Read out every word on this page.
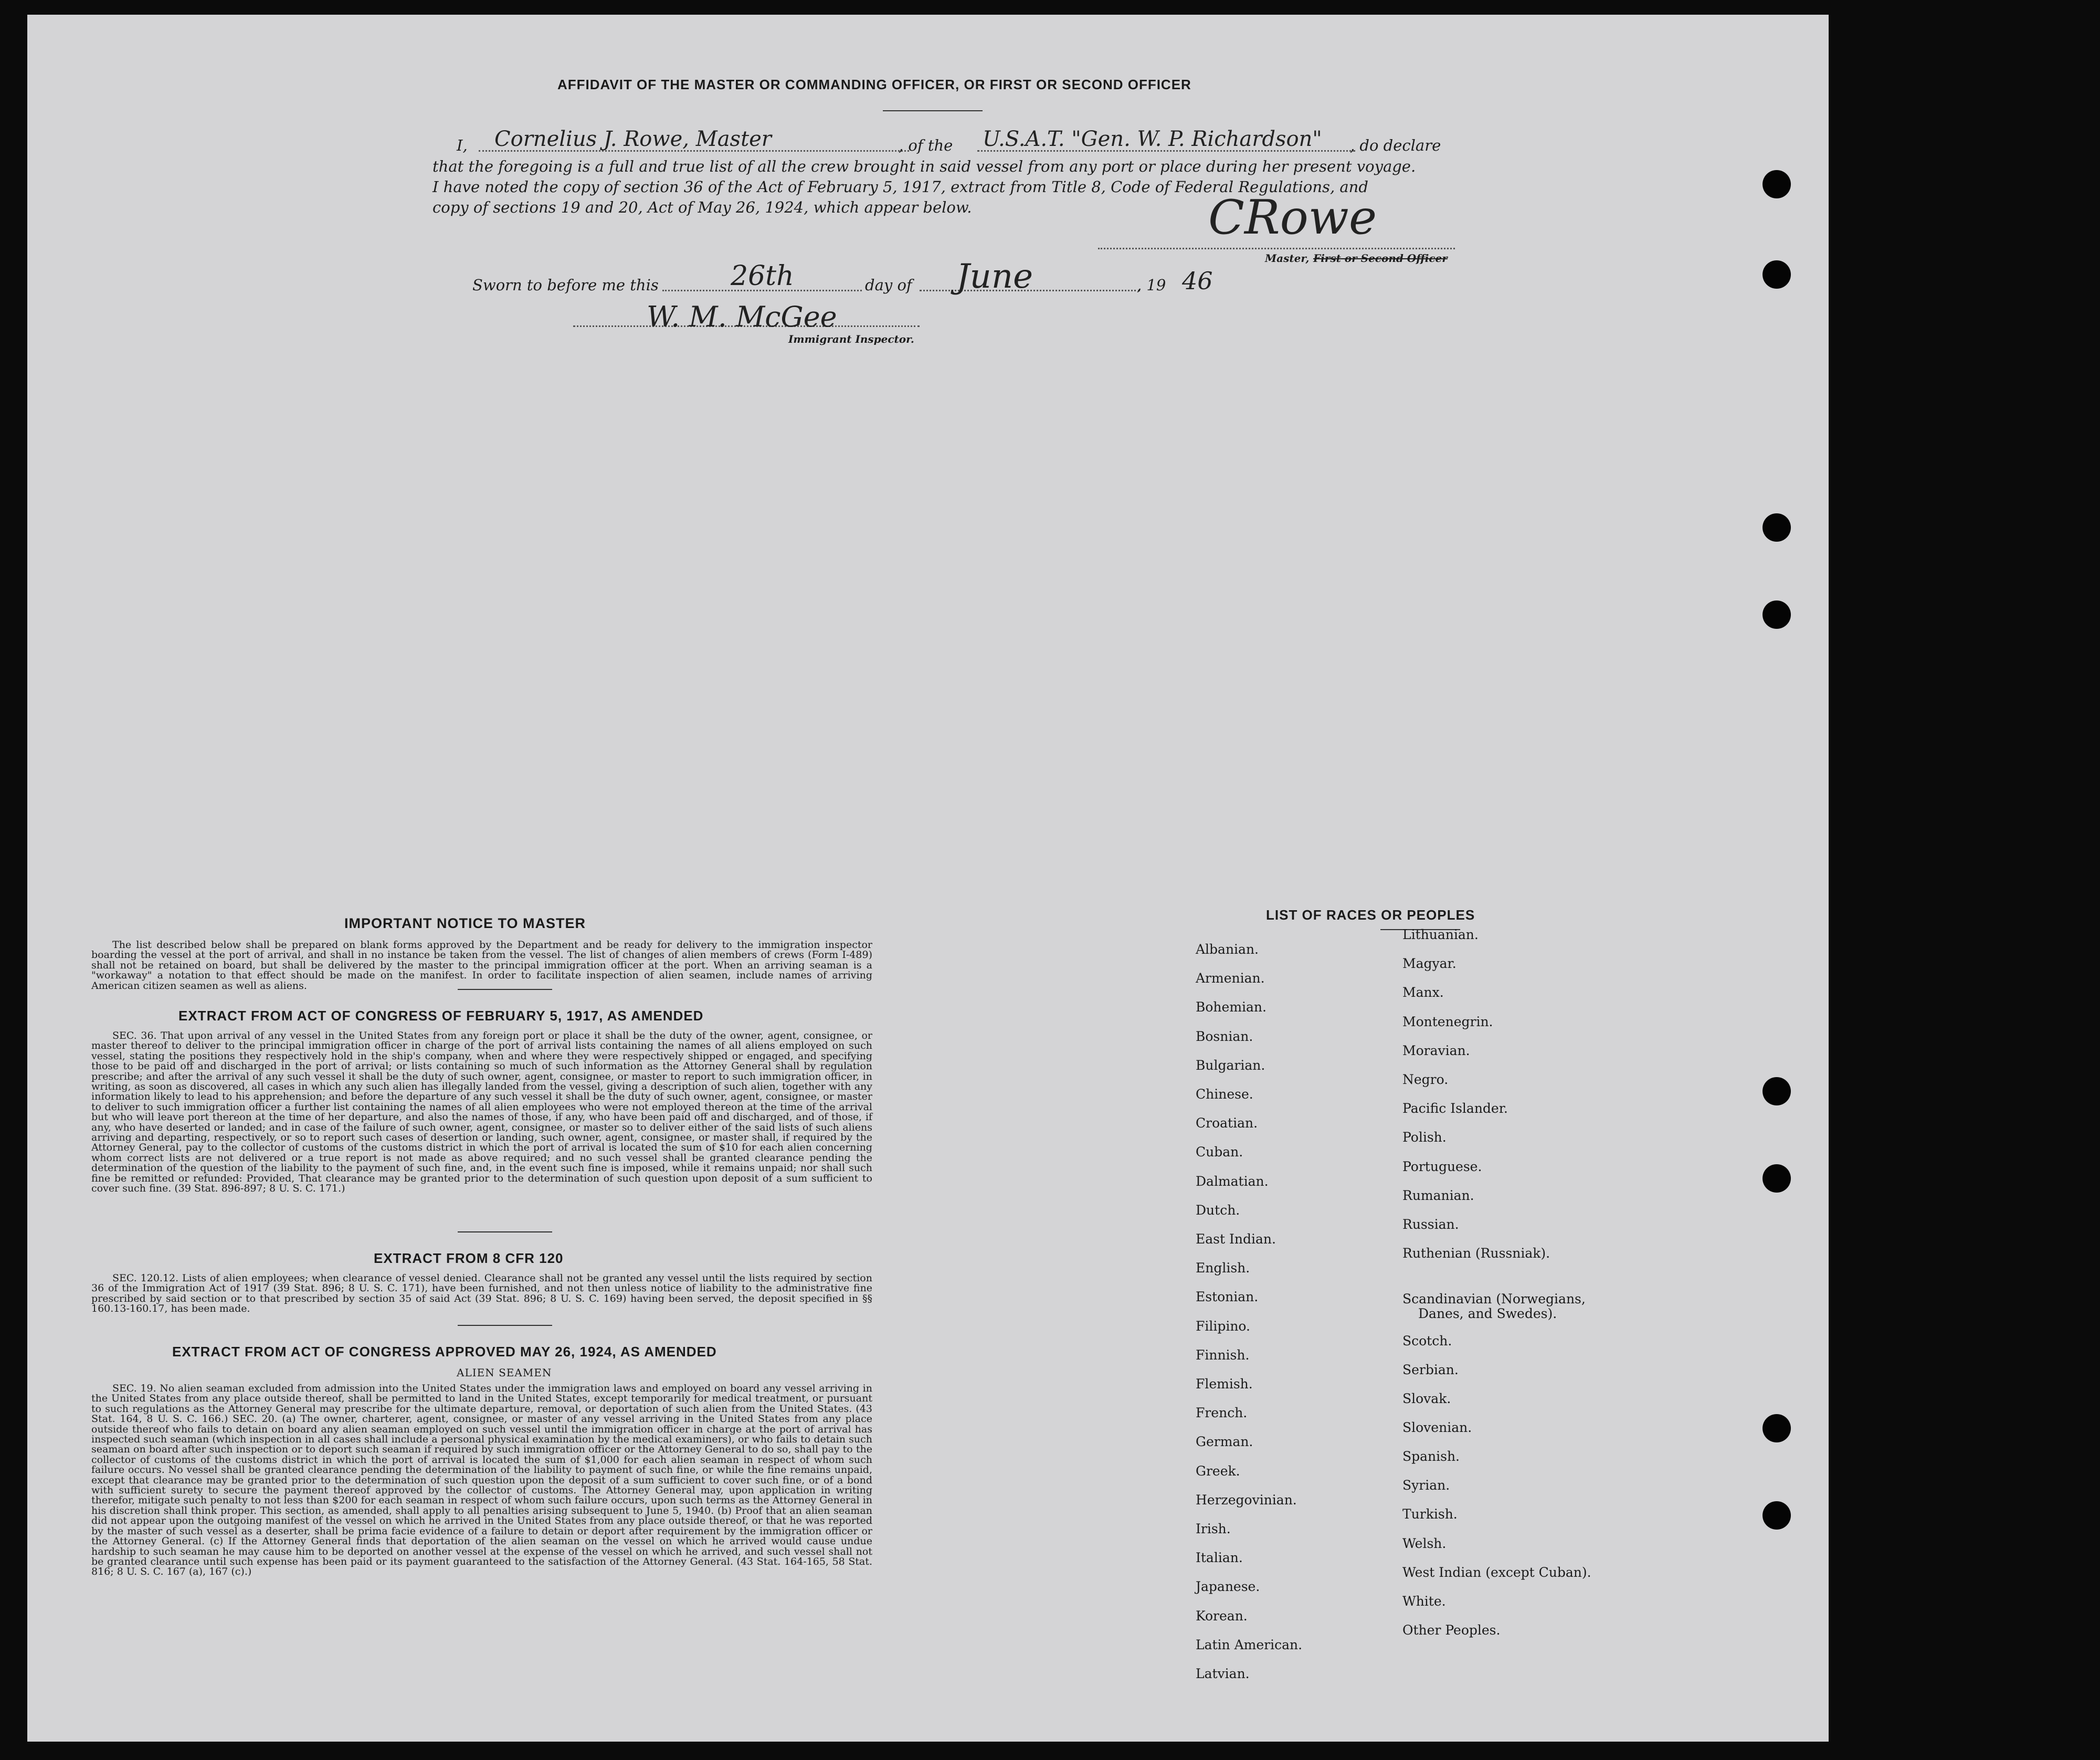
AFFIDAVIT OF THE MASTER OR COMMANDING OFFICER, OR FIRST OR SECOND OFFICER
I, Cornelius J. Rowe, Master	, of the U.S.A.T. "Gen. W. P. Richardson" , do declare
that the foregoing is a full and true list of all the crew brought in said vessel from any port or place during her present voyage.
I have noted the copy of section 36 of the Act of February 5, 1917, extract from Title 8, Code of Federal Regulations, and
copy of sections 19 and 20, Act of May 26, 1924, which appear below.	CRowe
Master, First or Second Officer
Sworn to before me this	26th	day of June	, 19 46
W. M. McGee
Immigrant Inspector.
IMPORTANT NOTICE TO MASTER
The list described below shall be prepared on blank forms approved by the Department and be ready for delivery to the immigration inspector boarding the vessel at the port of arrival, and shall in no instance be taken from the vessel. The list of changes of alien members of crews (Form I-489) shall not be retained on board, but shall be delivered by the master to the principal immigration officer at the port. When an arriving seaman is a "workaway" a notation to that effect should be made on the manifest. In order to facilitate inspection of alien seamen, include names of arriving American citizen seamen as well as aliens.
EXTRACT FROM ACT OF CONGRESS OF FEBRUARY 5, 1917, AS AMENDED
SEC. 36. That upon arrival of any vessel in the United States from any foreign port or place it shall be the duty of the owner, agent, consignee, or master thereof to deliver to the principal immigration officer in charge of the port of arrival lists containing the names of all aliens employed on such vessel, stating the positions they respectively hold in the ship's company, when and where they were respectively shipped or engaged, and specifying those to be paid off and discharged in the port of arrival; or lists containing so much of such information as the Attorney General shall by regulation prescribe; and after the arrival of any such vessel it shall be the duty of such owner, agent, consignee, or master to report to such immigration officer, in writing, as soon as discovered, all cases in which any such alien has illegally landed from the vessel, giving a description of such alien, together with any information likely to lead to his apprehension; and before the departure of any such vessel it shall be the duty of such owner, agent, consignee, or master to deliver to such immigration officer a further list containing the names of all alien employees who were not employed thereon at the time of the arrival but who will leave port thereon at the time of her departure, and also the names of those, if any, who have been paid off and discharged, and of those, if any, who have deserted or landed; and in case of the failure of such owner, agent, consignee, or master so to deliver either of the said lists of such aliens arriving and departing, respectively, or so to report such cases of desertion or landing, such owner, agent, consignee, or master shall, if required by the Attorney General, pay to the collector of customs of the customs district in which the port of arrival is located the sum of $10 for each alien concerning whom correct lists are not delivered or a true report is not made as above required; and no such vessel shall be granted clearance pending the determination of the question of the liability to the payment of such fine, and, in the event such fine is imposed, while it remains unpaid; nor shall such fine be remitted or refunded: Provided, That clearance may be granted prior to the determination of such question upon deposit of a sum sufficient to cover such fine. (39 Stat. 896-897; 8 U. S. C. 171.)
EXTRACT FROM 8 CFR 120
SEC. 120.12. Lists of alien employees; when clearance of vessel denied. Clearance shall not be granted any vessel until the lists required by section 36 of the Immigration Act of 1917 (39 Stat. 896; 8 U. S. C. 171), have been furnished, and not then unless notice of liability to the administrative fine prescribed by said section or to that prescribed by section 35 of said Act (39 Stat. 896; 8 U. S. C. 169) having been served, the deposit specified in §§ 160.13-160.17, has been made.
EXTRACT FROM ACT OF CONGRESS APPROVED MAY 26, 1924, AS AMENDED
ALIEN SEAMEN
SEC. 19. No alien seaman excluded from admission into the United States under the immigration laws and employed on board any vessel arriving in the United States from any place outside thereof, shall be permitted to land in the United States, except temporarily for medical treatment, or pursuant to such regulations as the Attorney General may prescribe for the ultimate departure, removal, or deportation of such alien from the United States. (43 Stat. 164, 8 U. S. C. 166.) SEC. 20. (a) The owner, charterer, agent, consignee, or master of any vessel arriving in the United States from any place outside thereof who fails to detain on board any alien seaman employed on such vessel until the immigration officer in charge at the port of arrival has inspected such seaman (which inspection in all cases shall include a personal physical examination by the medical examiners), or who fails to detain such seaman on board after such inspection or to deport such seaman if required by such immigration officer or the Attorney General to do so, shall pay to the collector of customs of the customs district in which the port of arrival is located the sum of $1,000 for each alien seaman in respect of whom such failure occurs. No vessel shall be granted clearance pending the determination of the liability to payment of such fine, or while the fine remains unpaid, except that clearance may be granted prior to the determination of such question upon the deposit of a sum sufficient to cover such fine, or of a bond with sufficient surety to secure the payment thereof approved by the collector of customs. The Attorney General may, upon application in writing therefor, mitigate such penalty to not less than $200 for each seaman in respect of whom such failure occurs, upon such terms as the Attorney General in his discretion shall think proper. This section, as amended, shall apply to all penalties arising subsequent to June 5, 1940. (b) Proof that an alien seaman did not appear upon the outgoing manifest of the vessel on which he arrived in the United States from any place outside thereof, or that he was reported by the master of such vessel as a deserter, shall be prima facie evidence of a failure to detain or deport after requirement by the immigration officer or the Attorney General. (c) If the Attorney General finds that deportation of the alien seaman on the vessel on which he arrived would cause undue hardship to such seaman he may cause him to be deported on another vessel at the expense of the vessel on which he arrived, and such vessel shall not be granted clearance until such expense has been paid or its payment guaranteed to the satisfaction of the Attorney General. (43 Stat. 164-165, 58 Stat. 816; 8 U. S. C. 167 (a), 167 (c).)
LIST OF RACES OR PEOPLES
Albanian.
Armenian.
Bohemian.
Bosnian.
Bulgarian.
Chinese.
Croatian.
Cuban.
Dalmatian.
Dutch.
East Indian.
English.
Estonian.
Filipino.
Finnish.
Flemish.
French.
German.
Greek.
Herzegovinian.
Irish.
Italian.
Japanese.
Korean.
Latin American.
Latvian.
Lithuanian.
Magyar.
Manx.
Montenegrin.
Moravian.
Negro.
Pacific Islander.
Polish.
Portuguese.
Rumanian.
Russian.
Ruthenian (Russniak).
Scandinavian (Norwegians,
Danes, and Swedes).
Scotch.
Serbian.
Slovak.
Slovenian.
Spanish.
Syrian.
Turkish.
Welsh.
West Indian (except Cuban).
White.
Other Peoples.
